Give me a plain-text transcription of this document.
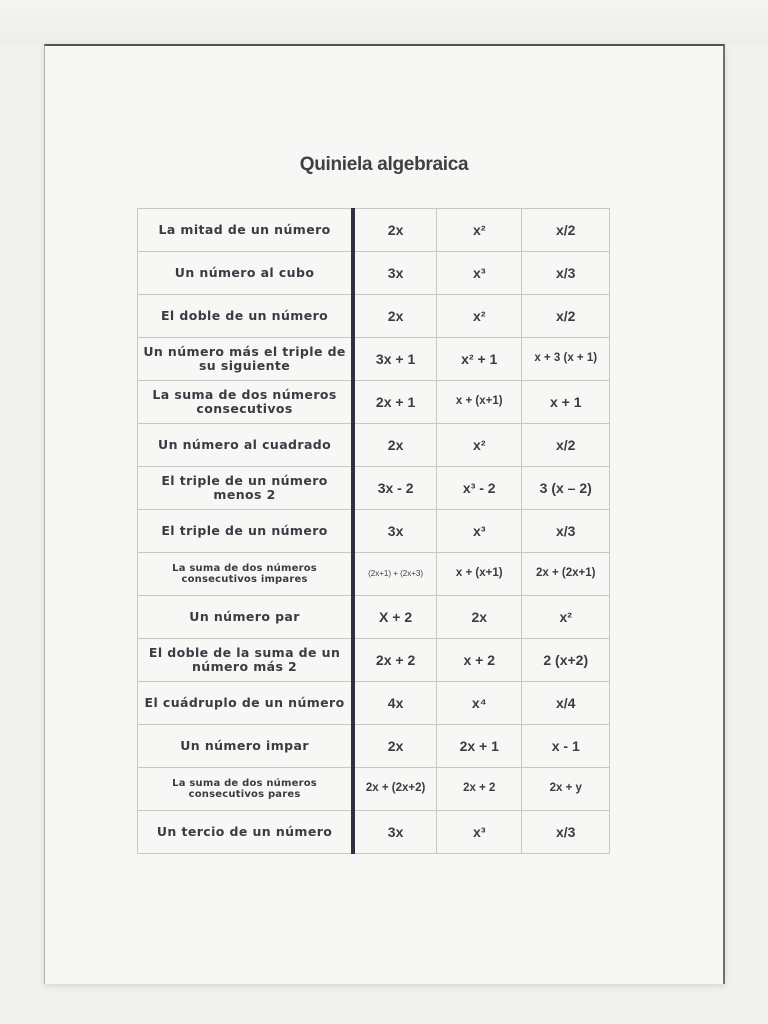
Quiniela algebraica
La mitad de un número	2x	x²	x/2
Un número al cubo	3x	x³	x/3
El doble de un número	2x	x²	x/2
Un número más el triple de su siguiente	3x + 1	x² + 1	x + 3 (x + 1)
La suma de dos números consecutivos	2x + 1	x + (x+1)	x + 1
Un número al cuadrado	2x	x²	x/2
El triple de un número menos 2	3x - 2	x³ - 2	3 (x – 2)
El triple de un número	3x	x³	x/3
La suma de dos números consecutivos impares	(2x+1) + (2x+3)	x + (x+1)	2x + (2x+1)
Un número par	X + 2	2x	x²
El doble de la suma de un número más 2	2x + 2	x + 2	2 (x+2)
El cuádruplo de un número	4x	x⁴	x/4
Un número impar	2x	2x + 1	x - 1
La suma de dos números consecutivos pares	2x + (2x+2)	2x + 2	2x + y
Un tercio de un número	3x	x³	x/3
